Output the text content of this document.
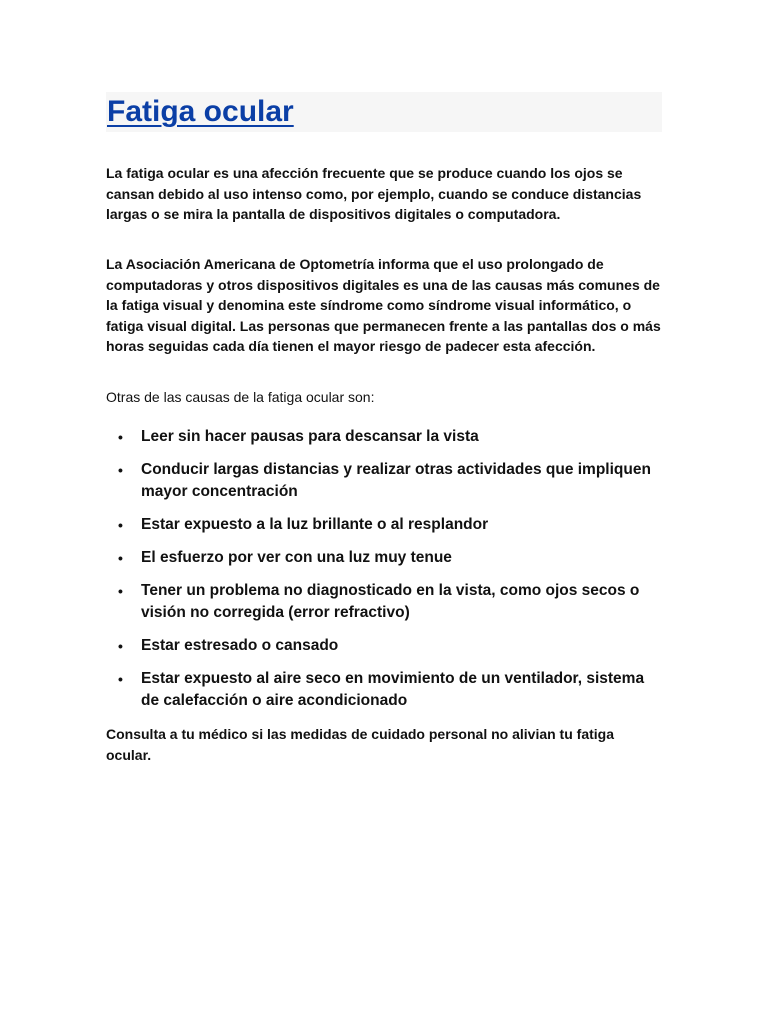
Fatiga ocular

La fatiga ocular es una afección frecuente que se produce cuando los ojos se cansan debido al uso intenso como, por ejemplo, cuando se conduce distancias largas o se mira la pantalla de dispositivos digitales o computadora.

La Asociación Americana de Optometría informa que el uso prolongado de computadoras y otros dispositivos digitales es una de las causas más comunes de la fatiga visual y denomina este síndrome como síndrome visual informático, o fatiga visual digital. Las personas que permanecen frente a las pantallas dos o más horas seguidas cada día tienen el mayor riesgo de padecer esta afección.

Otras de las causas de la fatiga ocular son:

• Leer sin hacer pausas para descansar la vista
• Conducir largas distancias y realizar otras actividades que impliquen mayor concentración
• Estar expuesto a la luz brillante o al resplandor
• El esfuerzo por ver con una luz muy tenue
• Tener un problema no diagnosticado en la vista, como ojos secos o visión no corregida (error refractivo)
• Estar estresado o cansado
• Estar expuesto al aire seco en movimiento de un ventilador, sistema de calefacción o aire acondicionado

Consulta a tu médico si las medidas de cuidado personal no alivian tu fatiga ocular.
